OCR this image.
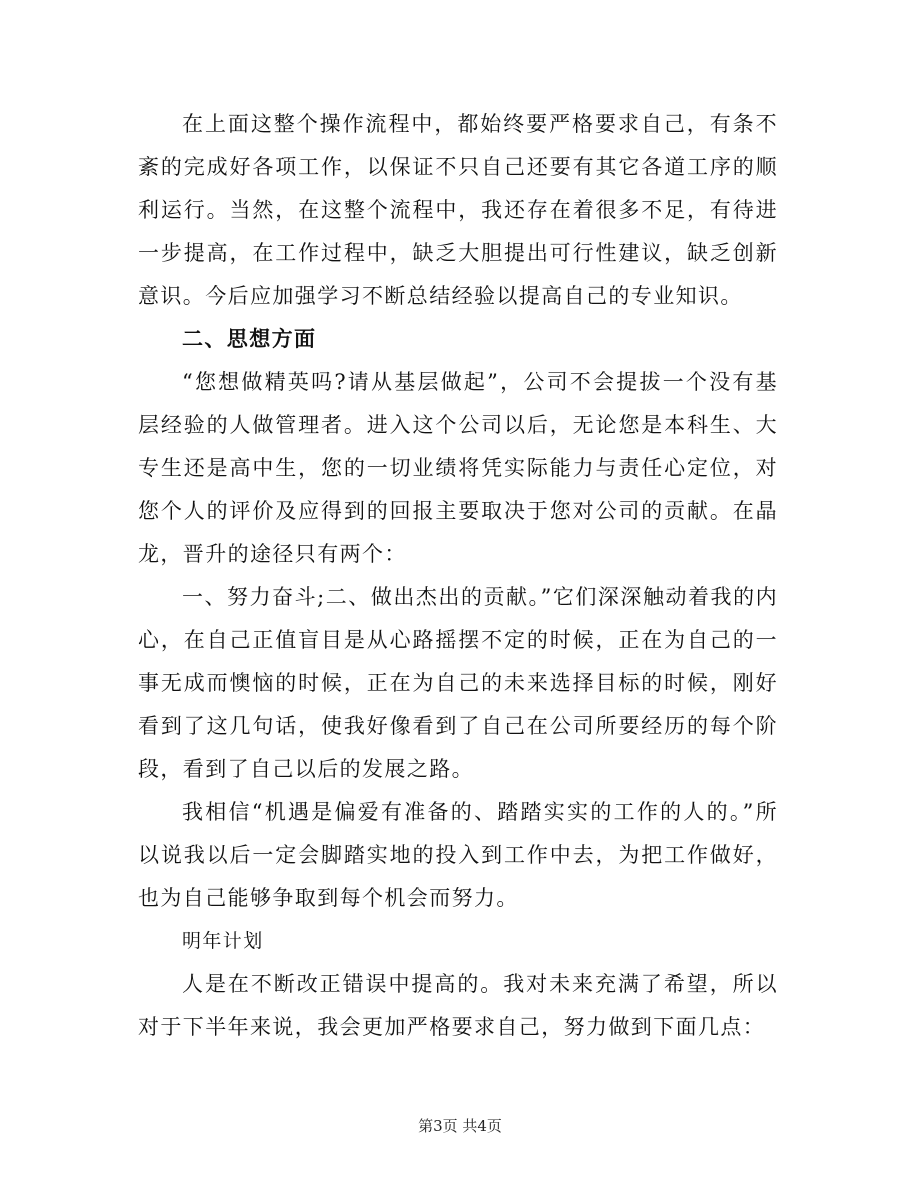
在上面这整个操作流程中，都始终要严格要求自己，有条不紊的完成好各项工作，以保证不只自己还要有其它各道工序的顺利运行。当然，在这整个流程中，我还存在着很多不足，有待进一步提高，在工作过程中，缺乏大胆提出可行性建议，缺乏创新意识。今后应加强学习不断总结经验以提高自己的专业知识。

二、思想方面

“您想做精英吗?请从基层做起”，公司不会提拔一个没有基层经验的人做管理者。进入这个公司以后，无论您是本科生、大专生还是高中生，您的一切业绩将凭实际能力与责任心定位，对您个人的评价及应得到的回报主要取决于您对公司的贡献。在晶龙，晋升的途径只有两个：

一、努力奋斗;二、做出杰出的贡献。”它们深深触动着我的内心，在自己正值盲目是从心路摇摆不定的时候，正在为自己的一事无成而懊恼的时候，正在为自己的未来选择目标的时候，刚好看到了这几句话，使我好像看到了自己在公司所要经历的每个阶段，看到了自己以后的发展之路。

我相信“机遇是偏爱有准备的、踏踏实实的工作的人的。”所以说我以后一定会脚踏实地的投入到工作中去，为把工作做好，也为自己能够争取到每个机会而努力。

明年计划

人是在不断改正错误中提高的。我对未来充满了希望，所以对于下半年来说，我会更加严格要求自己，努力做到下面几点：

第3页 共4页
